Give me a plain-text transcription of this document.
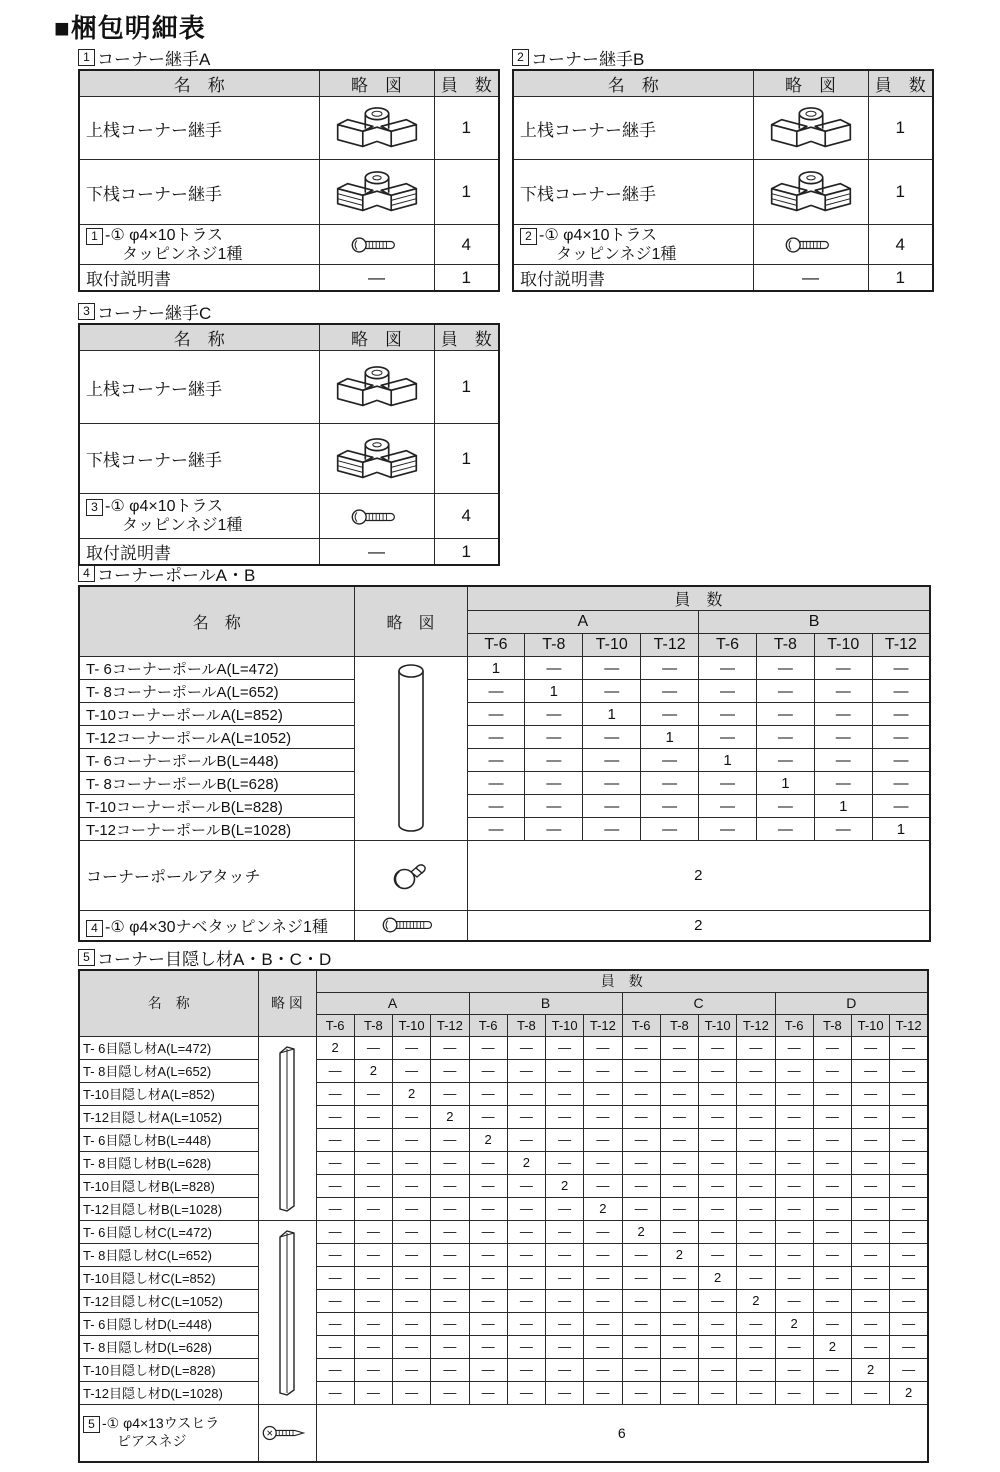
■梱包明細表
1 コーナー継手A
名　称	略　図	員　数
上桟コーナー継手		1
下桟コーナー継手		1

1 -① φ4×10トラス
タッピンネジ1種		4
取付説明書	—	1
2 コーナー継手B
名　称	略　図	員　数
上桟コーナー継手		1
下桟コーナー継手		1

2 -① φ4×10トラス
タッピンネジ1種		4
取付説明書	—	1
3 コーナー継手C
名　称	略　図	員　数
上桟コーナー継手		1
下桟コーナー継手		1

3 -① φ4×10トラス
タッピンネジ1種		4
取付説明書	—	1
4 コーナーポールA・B
名　称	略　図	員　数							
		A				B			
		T-6	T-8	T-10	T-12	T-6	T-8	T-10	T-12
T- 6コーナーポールA(L=472)		1	—	—	—	—	—	—	—
T- 8コーナーポールA(L=652)		—	1	—	—	—	—	—	—
T-10コーナーポールA(L=852)		—	—	1	—	—	—	—	—
T-12コーナーポールA(L=1052)		—	—	—	1	—	—	—	—
T- 6コーナーポールB(L=448)		—	—	—	—	1	—	—	—
T- 8コーナーポールB(L=628)		—	—	—	—	—	1	—	—
T-10コーナーポールB(L=828)		—	—	—	—	—	—	1	—
T-12コーナーポールB(L=1028)		—	—	—	—	—	—	—	1
コーナーポールアタッチ		2							
4 -① φ4×30ナベタッピンネジ1種		2							
5 コーナー目隠し材A・B・C・D
名　称	略 図	員　数															
		A				B				C				D			
		T-6	T-8	T-10	T-12	T-6	T-8	T-10	T-12	T-6	T-8	T-10	T-12	T-6	T-8	T-10	T-12
T- 6目隠し材A(L=472)		2	—	—	—	—	—	—	—	—	—	—	—	—	—	—	—
T- 8目隠し材A(L=652)		—	2	—	—	—	—	—	—	—	—	—	—	—	—	—	—
T-10目隠し材A(L=852)		—	—	2	—	—	—	—	—	—	—	—	—	—	—	—	—
T-12目隠し材A(L=1052)		—	—	—	2	—	—	—	—	—	—	—	—	—	—	—	—
T- 6目隠し材B(L=448)		—	—	—	—	2	—	—	—	—	—	—	—	—	—	—	—
T- 8目隠し材B(L=628)		—	—	—	—	—	2	—	—	—	—	—	—	—	—	—	—
T-10目隠し材B(L=828)		—	—	—	—	—	—	2	—	—	—	—	—	—	—	—	—
T-12目隠し材B(L=1028)		—	—	—	—	—	—	—	2	—	—	—	—	—	—	—	—
T- 6目隠し材C(L=472)		—	—	—	—	—	—	—	—	2	—	—	—	—	—	—	—
T- 8目隠し材C(L=652)		—	—	—	—	—	—	—	—	—	2	—	—	—	—	—	—
T-10目隠し材C(L=852)		—	—	—	—	—	—	—	—	—	—	2	—	—	—	—	—
T-12目隠し材C(L=1052)		—	—	—	—	—	—	—	—	—	—	—	2	—	—	—	—
T- 6目隠し材D(L=448)		—	—	—	—	—	—	—	—	—	—	—	—	2	—	—	—
T- 8目隠し材D(L=628)		—	—	—	—	—	—	—	—	—	—	—	—	—	2	—	—
T-10目隠し材D(L=828)		—	—	—	—	—	—	—	—	—	—	—	—	—	—	2	—
T-12目隠し材D(L=1028)		—	—	—	—	—	—	—	—	—	—	—	—	—	—	—	2

5 -① φ4×13ウスヒラ
ピアスネジ		6															
